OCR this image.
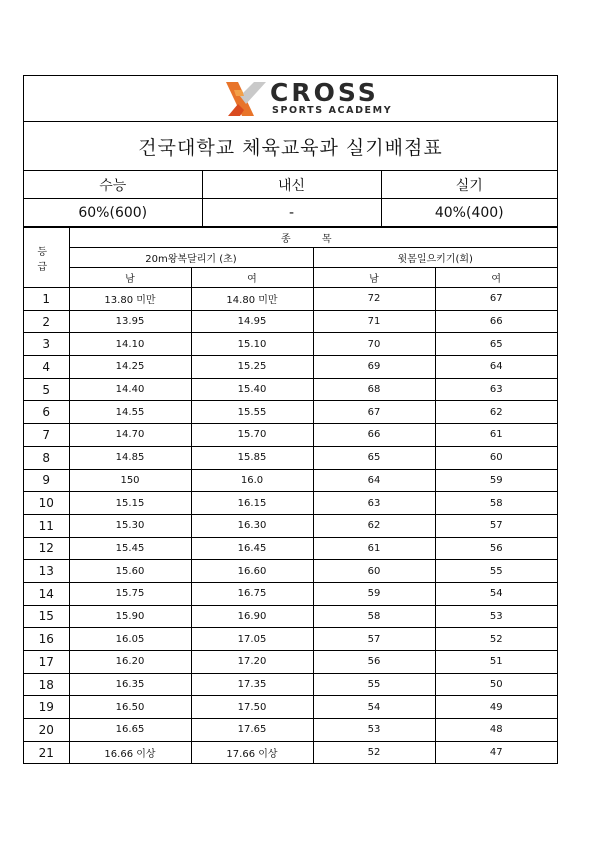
CROSS
SPORTS ACADEMY
건국대학교 체육교육과 실기배점표
수능	내신	실기
60%(600)	-	40%(400)
등 급	종 목			
	20m왕복달리기 (초)		윗몸일으키기(회)	
	남	여	남	여
1	13.80 미만	14.80 미만	72	67
2	13.95	14.95	71	66
3	14.10	15.10	70	65
4	14.25	15.25	69	64
5	14.40	15.40	68	63
6	14.55	15.55	67	62
7	14.70	15.70	66	61
8	14.85	15.85	65	60
9	150	16.0	64	59
10	15.15	16.15	63	58
11	15.30	16.30	62	57
12	15.45	16.45	61	56
13	15.60	16.60	60	55
14	15.75	16.75	59	54
15	15.90	16.90	58	53
16	16.05	17.05	57	52
17	16.20	17.20	56	51
18	16.35	17.35	55	50
19	16.50	17.50	54	49
20	16.65	17.65	53	48
21	16.66 이상	17.66 이상	52	47
